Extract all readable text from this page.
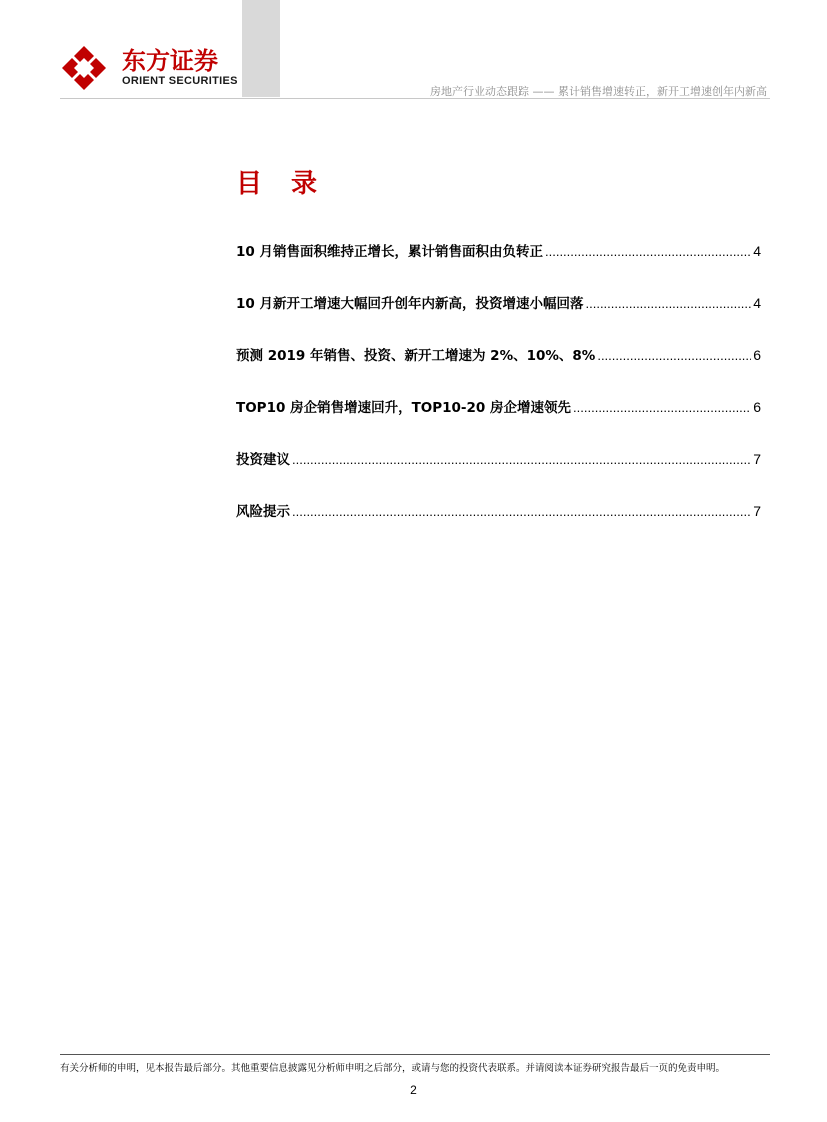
东方证券
ORIENT SECURITIES
房地产行业动态跟踪 —— 累计销售增速转正，新开工增速创年内新高
目 录
10 月销售面积维持正增长，累计销售面积由负转正 .....	4
10 月新开工增速大幅回升创年内新高，投资增速小幅回落 .....	4
预测 2019 年销售、投资、新开工增速为 2%、10%、8% .....	6
TOP10 房企销售增速回升，TOP10-20 房企增速领先 .....	6
投资建议 .....	7
风险提示 .....	7
有关分析师的申明，见本报告最后部分。其他重要信息披露见分析师申明之后部分，或请与您的投资代表联系。并请阅读本证券研究报告最后一页的免责申明。
2
